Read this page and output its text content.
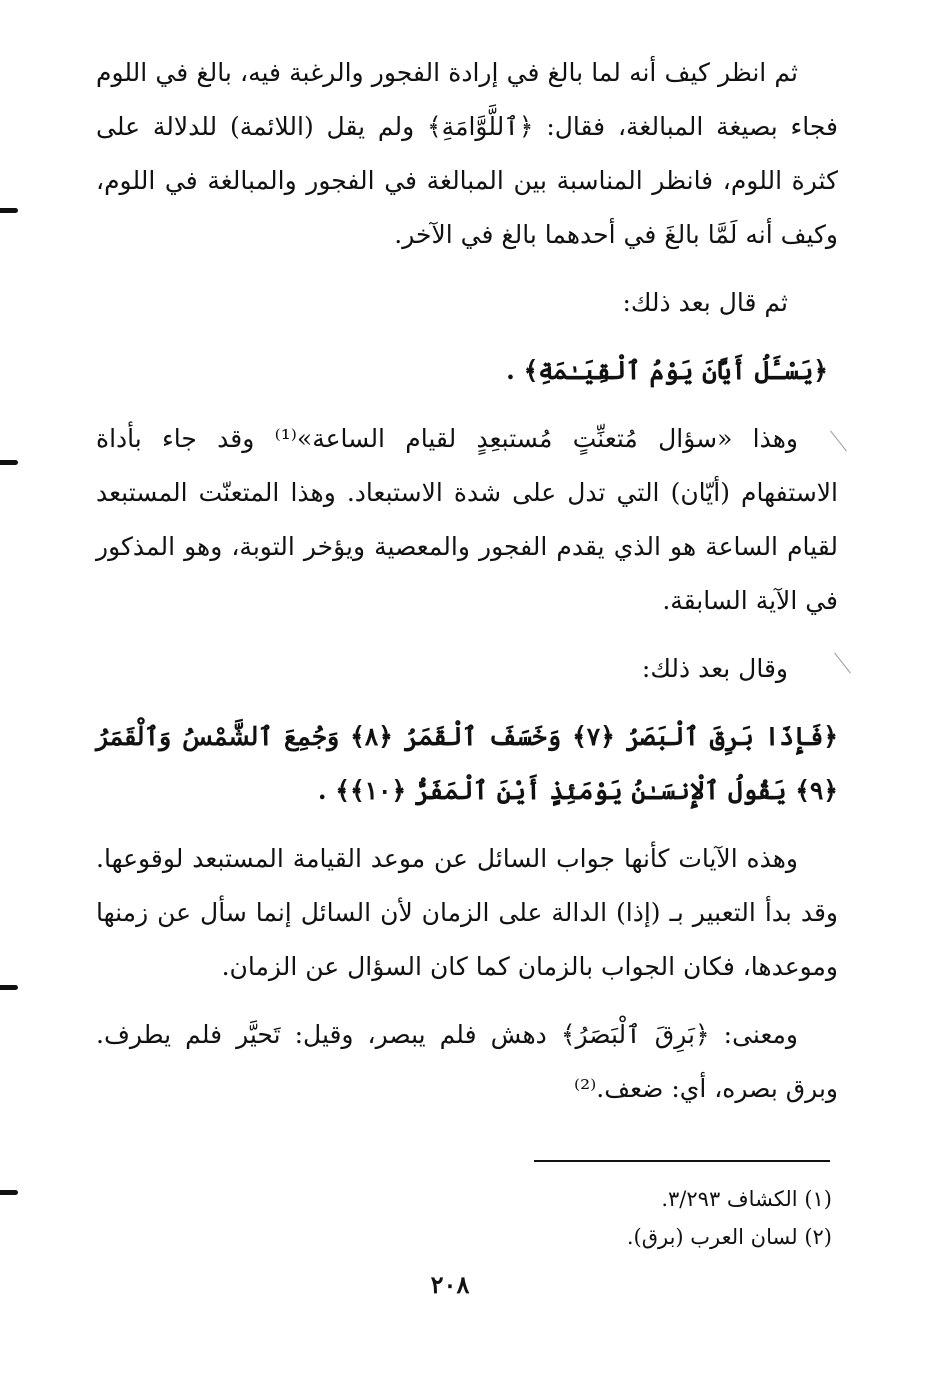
ثم انظر كيف أنه لما بالغ في إرادة الفجور والرغبة فيه، بالغ في اللوم فجاء بصيغة المبالغة، فقال: ﴿ٱللَّوَّامَةِ﴾ ولم يقل (اللائمة) للدلالة على كثرة اللوم، فانظر المناسبة بين المبالغة في الفجور والمبالغة في اللوم، وكيف أنه لَمَّا بالغَ في أحدهما بالغ في الآخر.

ثم قال بعد ذلك:

﴿يَسْـَٔلُ أَيَّانَ يَوْمُ ٱلْقِيَـٰمَةِ﴾ .

وهذا «سؤال مُتعنِّتٍ مُستبعِدٍ لقيام الساعة»⁽¹⁾ وقد جاء بأداة الاستفهام (أيّان) التي تدل على شدة الاستبعاد. وهذا المتعنّت المستبعد لقيام الساعة هو الذي يقدم الفجور والمعصية ويؤخر التوبة، وهو المذكور في الآية السابقة.

وقال بعد ذلك:

﴿فَإِذَا بَرِقَ ٱلْبَصَرُ ﴿٧﴾ وَخَسَفَ ٱلْقَمَرُ ﴿٨﴾ وَجُمِعَ ٱلشَّمْسُ وَٱلْقَمَرُ ﴿٩﴾ يَقُولُ ٱلْإِنسَـٰنُ يَوْمَئِذٍ أَيْنَ ٱلْمَفَرُّ ﴿١٠﴾﴾ .

وهذه الآيات كأنها جواب السائل عن موعد القيامة المستبعد لوقوعها. وقد بدأ التعبير بـ (إذا) الدالة على الزمان لأن السائل إنما سأل عن زمنها وموعدها، فكان الجواب بالزمان كما كان السؤال عن الزمان.

ومعنى: ﴿بَرِقَ ٱلْبَصَرُ﴾ دهش فلم يبصر، وقيل: تَحيَّر فلم يطرف. وبرق بصره، أي: ضعف.⁽²⁾

(١) الكشاف ٣/٢٩٣.
(٢) لسان العرب (برق).
٢٠٨
